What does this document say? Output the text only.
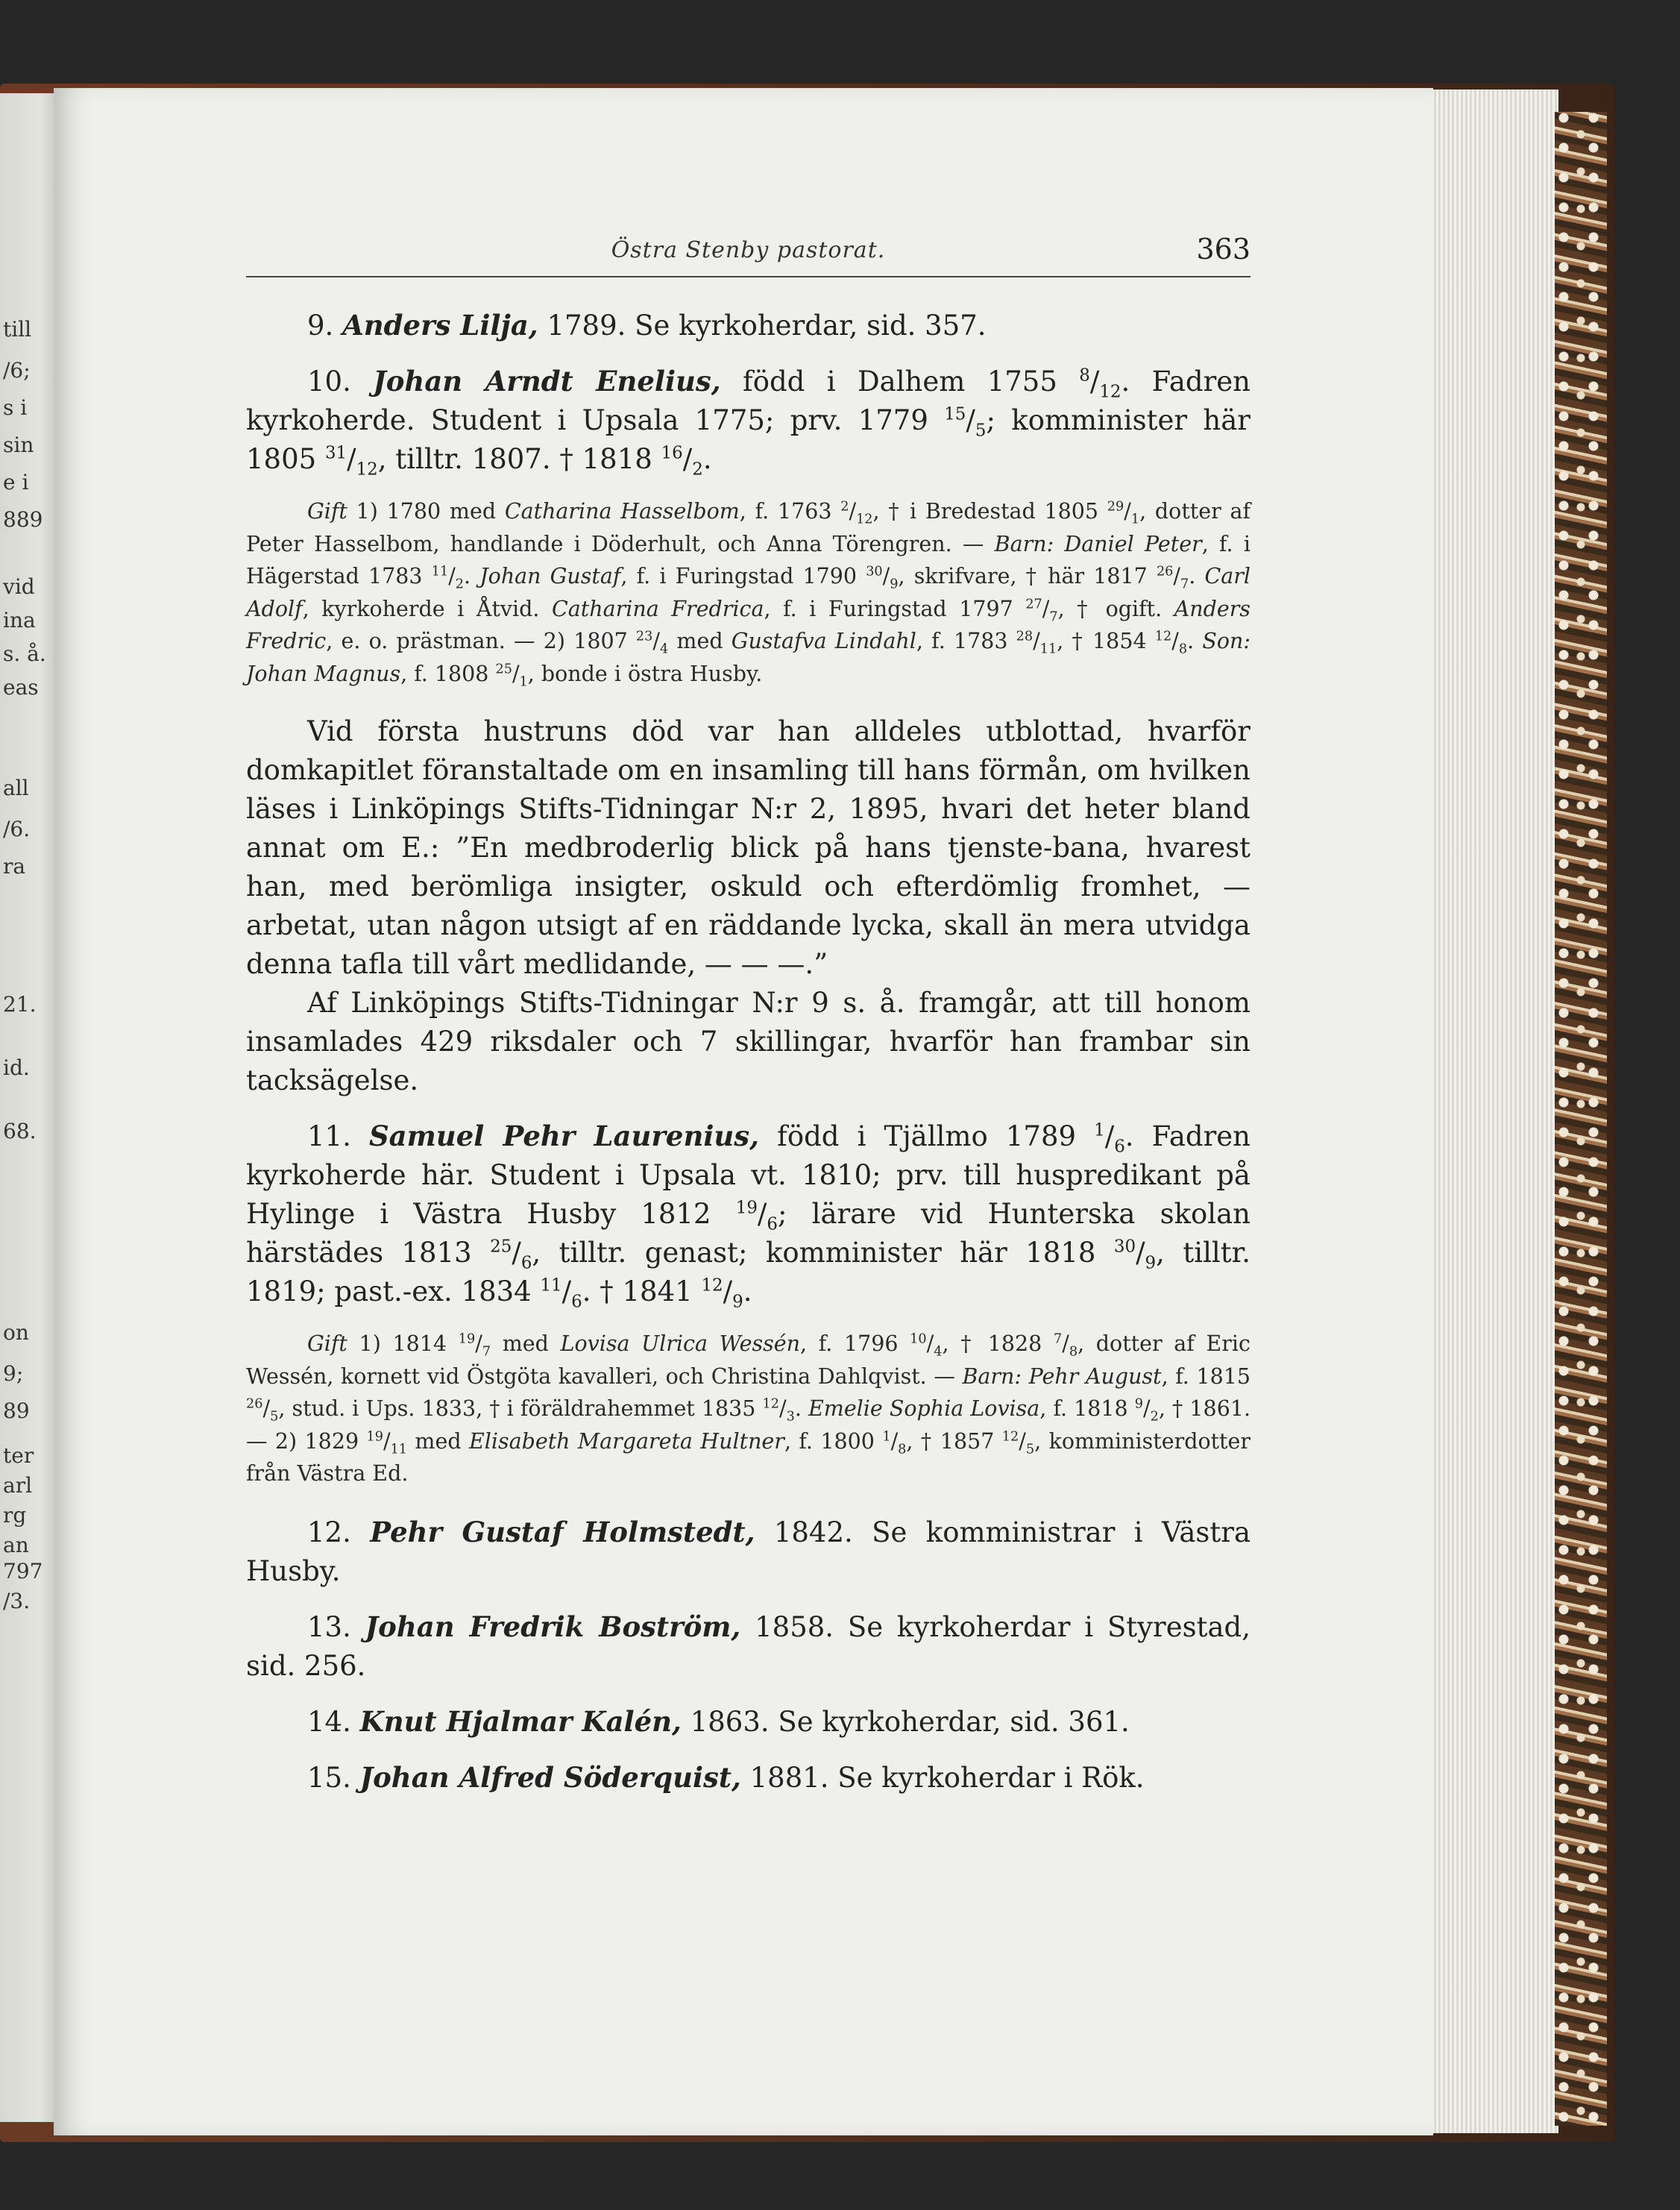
till
/6;
s i
sin
e i
889
vid
ina
s. å.
eas
all
/6.
ra
21.
id.
68.
on
9;
89
ter
arl
rg
an
797
/3.
Östra Stenby pastorat.	363

9. Anders Lilja, 1789. Se kyrkoherdar, sid. 357.

10. Johan Arndt Enelius, född i Dalhem 1755 $^8/_{12}$. Fadren kyrkoherde. Student i Upsala 1775; prv. 1779 $^{15}/_5$; komminister här 1805 $^{31}/_{12}$, tilltr. 1807. † 1818 $^{16}/_2$.

Gift 1) 1780 med Catharina Hasselbom, f. 1763 $^2/_{12}$, † i Bredestad 1805 $^{29}/_1$, dotter af Peter Hasselbom, handlande i Döderhult, och Anna Törengren. — Barn: Daniel Peter, f. i Hägerstad 1783 $^{11}/_2$. Johan Gustaf, f. i Furingstad 1790 $^{30}/_9$, skrifvare, † här 1817 $^{26}/_7$. Carl Adolf, kyrkoherde i Åtvid. Catharina Fredrica, f. i Furingstad 1797 $^{27}/_7$, † ogift. Anders Fredric, e. o. prästman. — 2) 1807 $^{23}/_4$ med Gustafva Lindahl, f. 1783 $^{28}/_{11}$, † 1854 $^{12}/_8$. Son: Johan Magnus, f. 1808 $^{25}/_1$, bonde i östra Husby.

Vid första hustruns död var han alldeles utblottad, hvarför domkapitlet föranstaltade om en insamling till hans förmån, om hvilken läses i Linköpings Stifts-Tidningar N:r 2, 1895, hvari det heter bland annat om E.: ”En medbroderlig blick på hans tjenste-bana, hvarest han, med berömliga insigter, oskuld och efterdömlig fromhet, — arbetat, utan någon utsigt af en räddande lycka, skall än mera utvidga denna tafla till vårt medlidande, — — —.”

Af Linköpings Stifts-Tidningar N:r 9 s. å. framgår, att till honom insamlades 429 riksdaler och 7 skillingar, hvarför han frambar sin tacksägelse.

11. Samuel Pehr Laurenius, född i Tjällmo 1789 $^1/_6$. Fadren kyrkoherde här. Student i Upsala vt. 1810; prv. till huspredikant på Hylinge i Västra Husby 1812 $^{19}/_6$; lärare vid Hunterska skolan härstädes 1813 $^{25}/_6$, tilltr. genast; komminister här 1818 $^{30}/_9$, tilltr. 1819; past.-ex. 1834 $^{11}/_6$. † 1841 $^{12}/_9$.

Gift 1) 1814 $^{19}/_7$ med Lovisa Ulrica Wessén, f. 1796 $^{10}/_4$, † 1828 $^7/_8$, dotter af Eric Wessén, kornett vid Östgöta kavalleri, och Christina Dahlqvist. — Barn: Pehr August, f. 1815 $^{26}/_5$, stud. i Ups. 1833, † i föräldrahemmet 1835 $^{12}/_3$. Emelie Sophia Lovisa, f. 1818 $^9/_2$, † 1861. — 2) 1829 $^{19}/_{11}$ med Elisabeth Margareta Hultner, f. 1800 $^1/_8$, † 1857 $^{12}/_5$, komministerdotter från Västra Ed.

12. Pehr Gustaf Holmstedt, 1842. Se komministrar i Västra Husby.

13. Johan Fredrik Boström, 1858. Se kyrkoherdar i Styrestad, sid. 256.

14. Knut Hjalmar Kalén, 1863. Se kyrkoherdar, sid. 361.

15. Johan Alfred Söderquist, 1881. Se kyrkoherdar i Rök.
